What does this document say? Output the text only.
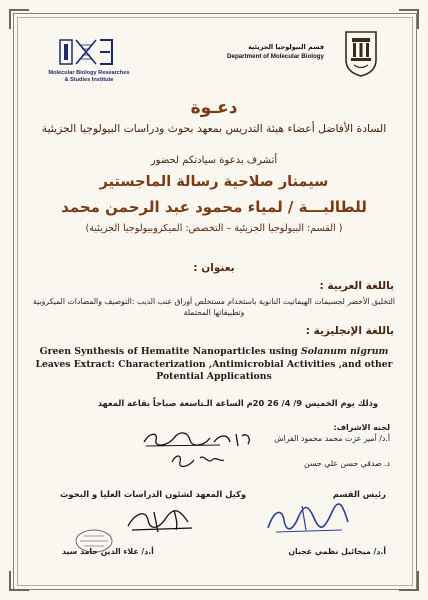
Molecular Biology Researches
& Studies Institute
قسم البيولوجيا الجزيئية
Department of Molecular Biology
دعـوة
السادة الأفاضل أعضاء هيئة التدريس بمعهد بحوث ودراسات البيولوجيا الجزيئية
أتشرف بدعوة سيادتكم لحضور
سيمنار صلاحية رسالة الماجستير
للطالبـــة / لمياء محمود عبد الرحمن محمد
( القسم: البيولوجيا الجزيئية – التخصص: الميكروبيولوجيا الجزيئية)
بعنوان :
باللغة العربية :
التخليق الأخضر لجسيمات الهيماتيت النانوية باستخدام مستخلص أوراق عنب الديب :التوصيف والمضادات الميكروبية وتطبيقاتها المحتملة
باللغة الإنجليزية :
Green Synthesis of Hematite Nanoparticles using Solanum nigrum Leaves Extract: Characterization ,Antimicrobial Activities ,and other Potential Applications
وذلك يوم الخميس 9/ 4/ 26 20م الساعة الـتاسعة صباحاً بقاعة المعهد
لجنه الاشراف:
أ.د/ أمير عزت محمد محمود الفراش
د. صدقي حسن علي حسن
وكيل المعهد لشئون الدراسات العليا و البحوث	رئيس القسم
أ.د/ علاء الدين حامد سيد	أ.د/ ميخائيل نظمي عجبان
